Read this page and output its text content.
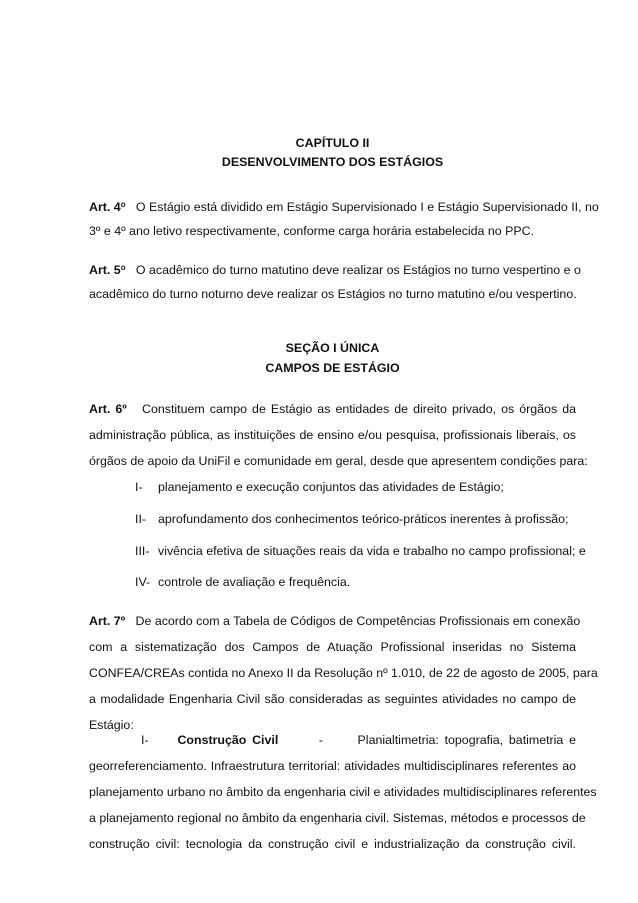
CAPÍTULO II
DESENVOLVIMENTO DOS ESTÁGIOS
Art. 4$^o$ O Estágio está dividido em Estágio Supervisionado I e Estágio Supervisionado II, no
3º e 4º ano letivo respectivamente, conforme carga horária estabelecida no PPC.
Art. 5$^o$ O acadêmico do turno matutino deve realizar os Estágios no turno vespertino e o
acadêmico do turno noturno deve realizar os Estágios no turno matutino e/ou vespertino.
SEÇÃO I ÚNICA
CAMPOS DE ESTÁGIO
Art. 6º Constituem campo de Estágio as entidades de direito privado, os órgãos da
administração pública, as instituições de ensino e/ou pesquisa, profissionais liberais, os
órgãos de apoio da UniFil e comunidade em geral, desde que apresentem condições para:
I- planejamento e execução conjuntos das atividades de Estágio;
II- aprofundamento dos conhecimentos teórico-práticos inerentes à profissão;
III- vivência efetiva de situações reais da vida e trabalho no campo profissional; e
IV- controle de avaliação e frequência.
Art. 7º De acordo com a Tabela de Códigos de Competências Profissionais em conexão
com a sistematização dos Campos de Atuação Profissional inseridas no Sistema
CONFEA/CREAs contida no Anexo II da Resolução nº 1.010, de 22 de agosto de 2005, para
a modalidade Engenharia Civil são consideradas as seguintes atividades no campo de
Estágio:
I- Construção Civil	-	Planialtimetria: topografia, batimetria e
georreferenciamento. Infraestrutura territorial: atividades multidisciplinares referentes ao
planejamento urbano no âmbito da engenharia civil e atividades multidisciplinares referentes
a planejamento regional no âmbito da engenharia civil. Sistemas, métodos e processos de
construção civil: tecnologia da construção civil e industrialização da construção civil.
